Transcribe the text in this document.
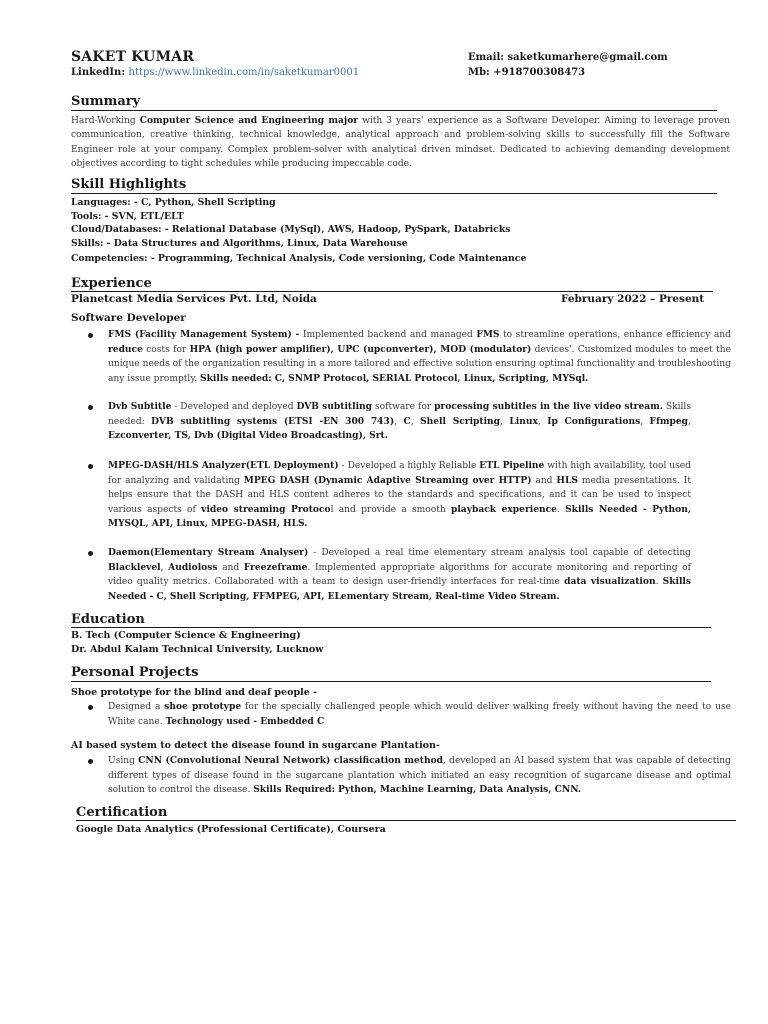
SAKET KUMAR
LinkedIn: https://www.linkedin.com/in/saketkumar0001
Email: saketkumarhere@gmail.com
Mb: +918700308473
Summary
Hard-Working Computer Science and Engineering major with 3 years' experience as a Software Developer. Aiming to leverage proven communication, creative thinking, technical knowledge, analytical approach and problem-solving skills to successfully fill the Software Engineer role at your company. Complex problem-solver with analytical driven mindset. Dedicated to achieving demanding development objectives according to tight schedules while producing impeccable code.
Skill Highlights
Languages: - C, Python, Shell Scripting
Tools: - SVN, ETL/ELT
Cloud/Databases: - Relational Database (MySql), AWS, Hadoop, PySpark, Databricks
Skills: - Data Structures and Algorithms, Linux, Data Warehouse
Competencies: - Programming, Technical Analysis, Code versioning, Code Maintenance
Experience
Planetcast Media Services Pvt. Ltd, Noida	February 2022 – Present
Software Developer
FMS (Facility Management System) - Implemented backend and managed FMS to streamline operations, enhance efficiency and reduce costs for HPA (high power amplifier), UPC (upconverter), MOD (modulator) devices'. Customized modules to meet the unique needs of the organization resulting in a more tailored and effective solution ensuring optimal functionality and troubleshooting any issue promptly. Skills needed: C, SNMP Protocol, SERIAL Protocol, Linux, Scripting, MYSql.
Dvb Subtitle - Developed and deployed DVB subtitling software for processing subtitles in the live video stream. Skills needed: DVB subtitling systems (ETSI -EN 300 743), C, Shell Scripting, Linux, Ip Configurations, Ffmpeg, Ezconverter, TS, Dvb (Digital Video Broadcasting), Srt.
MPEG-DASH/HLS Analyzer(ETL Deployment) - Developed a highly Reliable ETL Pipeline with high availability, tool used for analyzing and validating MPEG DASH (Dynamic Adaptive Streaming over HTTP) and HLS media presentations. It helps ensure that the DASH and HLS content adheres to the standards and specifications, and it can be used to inspect various aspects of video streaming Protocol and provide a smooth playback experience. Skills Needed - Python, MYSQL, API, Linux, MPEG-DASH, HLS.
Daemon(Elementary Stream Analyser) - Developed a real time elementary stream analysis tool capable of detecting Blacklevel, Audioloss and Freezeframe. Implemented appropriate algorithms for accurate monitoring and reporting of video quality metrics. Collaborated with a team to design user-friendly interfaces for real-time data visualization. Skills Needed - C, Shell Scripting, FFMPEG, API, ELementary Stream, Real-time Video Stream.
Education
B. Tech (Computer Science & Engineering)
Dr. Abdul Kalam Technical University, Lucknow
Personal Projects
Shoe prototype for the blind and deaf people -
Designed a shoe prototype for the specially challenged people which would deliver walking freely without having the need to use White cane. Technology used - Embedded C
AI based system to detect the disease found in sugarcane Plantation-
Using CNN (Convolutional Neural Network) classification method, developed an AI based system that was capable of detecting different types of disease found in the sugarcane plantation which initiated an easy recognition of sugarcane disease and optimal solution to control the disease. Skills Required: Python, Machine Learning, Data Analysis, CNN.
Certification
Google Data Analytics (Professional Certificate), Coursera
